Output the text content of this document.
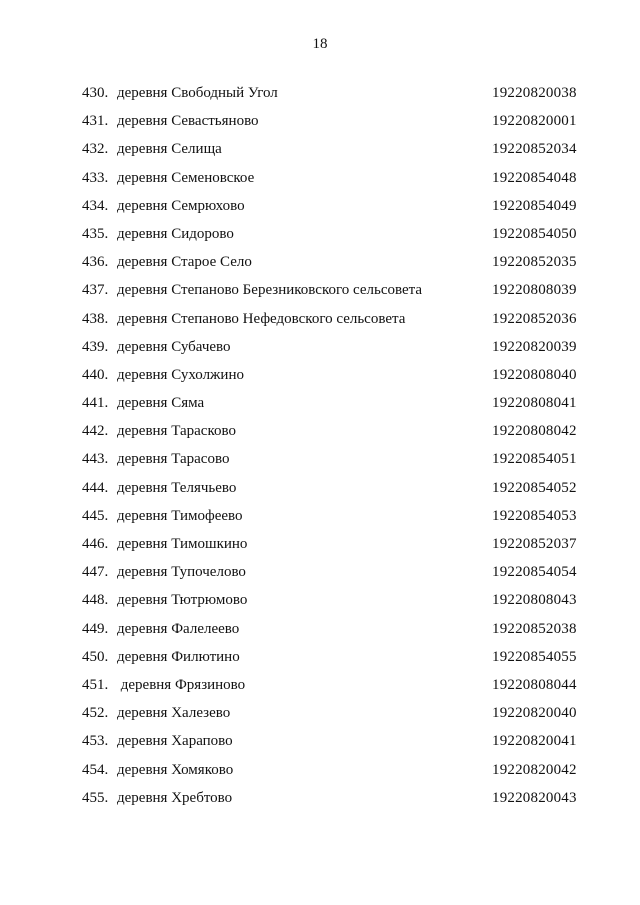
18
430. деревня Свободный Угол	19220820038
431. деревня Севастьяново	19220820001
432. деревня Селища	19220852034
433. деревня Семеновское	19220854048
434. деревня Семрюхово	19220854049
435. деревня Сидорово	19220854050
436. деревня Старое Село	19220852035
437. деревня Степаново Березниковского сельсовета	19220808039
438. деревня Степаново Нефедовского сельсовета	19220852036
439. деревня Субачево	19220820039
440. деревня Сухолжино	19220808040
441. деревня Сяма	19220808041
442. деревня Тарасково	19220808042
443. деревня Тарасово	19220854051
444. деревня Телячьево	19220854052
445. деревня Тимофеево	19220854053
446. деревня Тимошкино	19220852037
447. деревня Тупочелово	19220854054
448. деревня Тютрюмово	19220808043
449. деревня Фалелеево	19220852038
450. деревня Филютино	19220854055
451. деревня Фрязиново	19220808044
452. деревня Халезево	19220820040
453. деревня Харапово	19220820041
454. деревня Хомяково	19220820042
455. деревня Хребтово	19220820043
